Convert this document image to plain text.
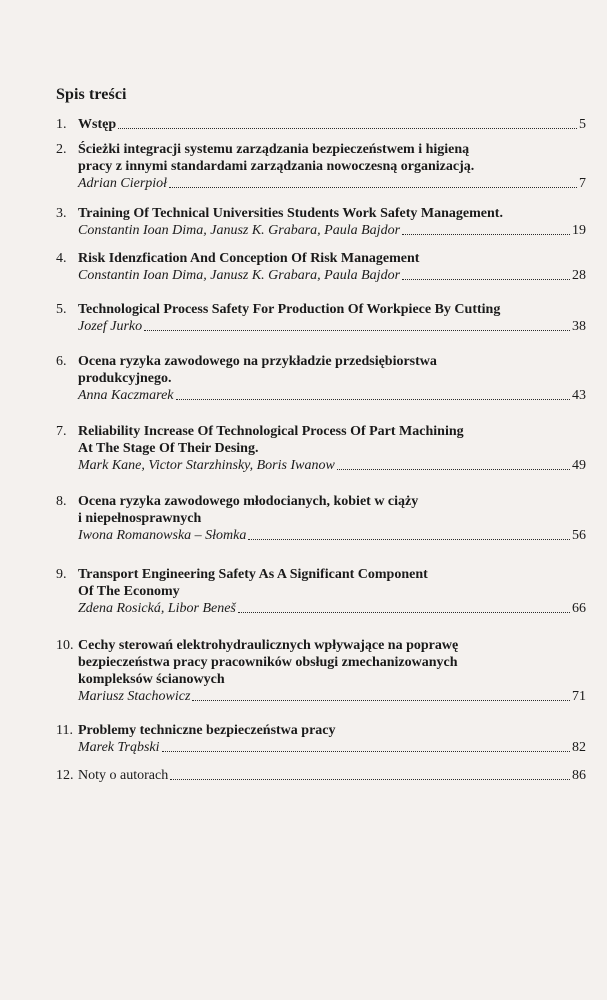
Spis treści
1. Wstęp	5
2. Ścieżki integracji systemu zarządzania bezpieczeństwem i higieną
pracy z innymi standardami zarządzania nowoczesną organizacją.
Adrian Cierpioł	7
3. Training Of Technical Universities Students Work Safety Management.
Constantin Ioan Dima, Janusz K. Grabara, Paula Bajdor	19
4. Risk Idenzfication And Conception Of Risk Management
Constantin Ioan Dima, Janusz K. Grabara, Paula Bajdor	28
5. Technological Process Safety For Production Of Workpiece By Cutting
Jozef Jurko	38
6. Ocena ryzyka zawodowego na przykładzie przedsiębiorstwa
produkcyjnego.
Anna Kaczmarek	43
7. Reliability Increase Of Technological Process Of Part Machining
At The Stage Of Their Desing.
Mark Kane, Victor Starzhinsky, Boris Iwanow	49
8. Ocena ryzyka zawodowego młodocianych, kobiet w ciąży
i niepełnosprawnych
Iwona Romanowska – Słomka	56
9. Transport Engineering Safety As A Significant Component
Of The Economy
Zdena Rosická, Libor Beneš	66
10. Cechy sterowań elektrohydraulicznych wpływające na poprawę
bezpieczeństwa pracy pracowników obsługi zmechanizowanych
kompleksów ścianowych
Mariusz Stachowicz	71
11. Problemy techniczne bezpieczeństwa pracy
Marek Trąbski	82
12. Noty o autorach	86
